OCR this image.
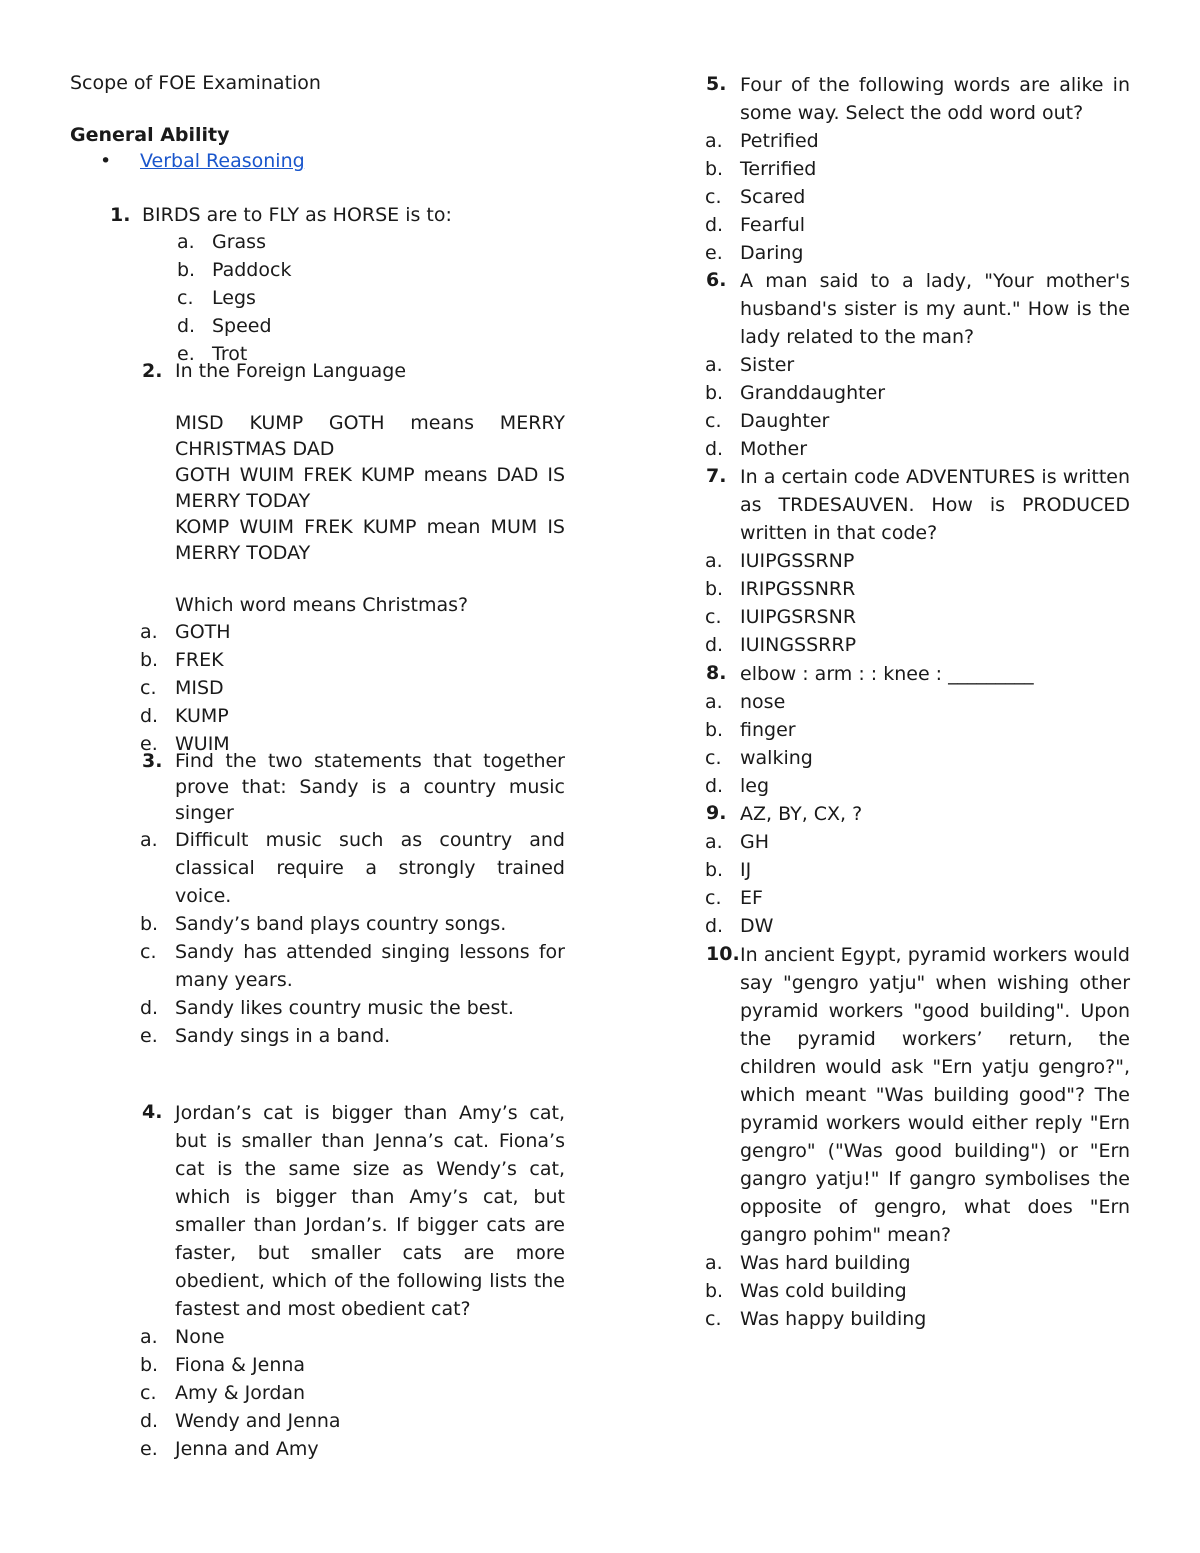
Scope of FOE Examination
General Ability
• Verbal Reasoning
1. BIRDS are to FLY as HORSE is to:
a. Grass
b. Paddock
c. Legs
d. Speed
e. Trot
2. In the Foreign Language

MISD KUMP GOTH means MERRY CHRISTMAS DAD

GOTH WUIM FREK KUMP means DAD IS MERRY TODAY

KOMP WUIM FREK KUMP mean MUM IS MERRY TODAY

Which word means Christmas?

a. GOTH
b. FREK
c. MISD
d. KUMP
e. WUIM
3. Find the two statements that together prove that: Sandy is a country music singer
a. Difficult music such as country and classical require a strongly trained voice.
b. Sandy’s band plays country songs.
c. Sandy has attended singing lessons for many years.
d. Sandy likes country music the best.
e. Sandy sings in a band.
4. Jordan’s cat is bigger than Amy’s cat, but is smaller than Jenna’s cat. Fiona’s cat is the same size as Wendy’s cat, which is bigger than Amy’s cat, but smaller than Jordan’s. If bigger cats are faster, but smaller cats are more obedient, which of the following lists the fastest and most obedient cat?
a. None
b. Fiona & Jenna
c. Amy & Jordan
d. Wendy and Jenna
e. Jenna and Amy
5. Four of the following words are alike in some way. Select the odd word out?
a. Petrified
b. Terrified
c. Scared
d. Fearful
e. Daring
6. A man said to a lady, "Your mother's husband's sister is my aunt." How is the lady related to the man?
a. Sister
b. Granddaughter
c. Daughter
d. Mother
7. In a certain code ADVENTURES is written as TRDESAUVEN. How is PRODUCED written in that code?
a. IUIPGSSRNP
b. IRIPGSSNRR
c. IUIPGSRSNR
d. IUINGSSRRP
8. elbow : arm : : knee : _________
a. nose
b. finger
c. walking
d. leg
9. AZ, BY, CX, ?
a. GH
b. IJ
c. EF
d. DW
10. In ancient Egypt, pyramid workers would say "gengro yatju" when wishing other pyramid workers "good building". Upon the pyramid workers’ return, the children would ask "Ern yatju gengro?", which meant "Was building good"? The pyramid workers would either reply "Ern gengro" ("Was good building") or "Ern gangro yatju!" If gangro symbolises the opposite of gengro, what does "Ern gangro pohim" mean?
a. Was hard building
b. Was cold building
c. Was happy building
